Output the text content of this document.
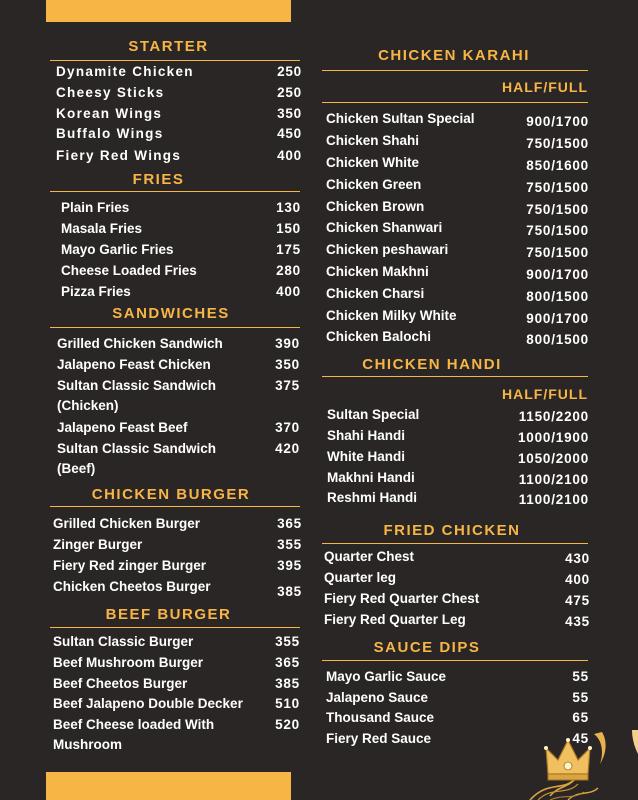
STARTER
Dynamite Chicken	250
Cheesy Sticks	250
Korean Wings	350
Buffalo Wings	450
Fiery Red Wings	400
FRIES
Plain Fries	130
Masala Fries	150
Mayo Garlic Fries	175
Cheese Loaded Fries	280
Pizza Fries	400
SANDWICHES
Grilled Chicken Sandwich	390
Jalapeno Feast Chicken	350
Sultan Classic Sandwich (Chicken)
375
Jalapeno Feast Beef	370
Sultan Classic Sandwich (Beef)
420
CHICKEN BURGER
Grilled Chicken Burger	365
Zinger Burger	355
Fiery Red zinger Burger	395
Chicken Cheetos Burger	385
BEEF BURGER
Sultan Classic Burger	355
Beef Mushroom Burger	365
Beef Cheetos Burger	385
Beef Jalapeno Double Decker 510
Beef Cheese loaded With Mushroom
520
CHICKEN KARAHI
HALF/FULL
Chicken Sultan Special	900/1700
Chicken Shahi	750/1500
Chicken White	850/1600
Chicken Green	750/1500
Chicken Brown	750/1500
Chicken Shanwari	750/1500
Chicken peshawari	750/1500
Chicken Makhni	900/1700
Chicken Charsi	800/1500
Chicken Milky White	900/1700
Chicken Balochi	800/1500
CHICKEN HANDI
HALF/FULL
Sultan Special	1150/2200
Shahi Handi	1000/1900
White Handi	1050/2000
Makhni Handi	1100/2100
Reshmi Handi	1100/2100
FRIED CHICKEN
Quarter Chest	430
Quarter leg	400
Fiery Red Quarter Chest	475
Fiery Red Quarter Leg	435
SAUCE DIPS
Mayo Garlic Sauce	55
Jalapeno Sauce	55
Thousand Sauce	65
Fiery Red Sauce	45
